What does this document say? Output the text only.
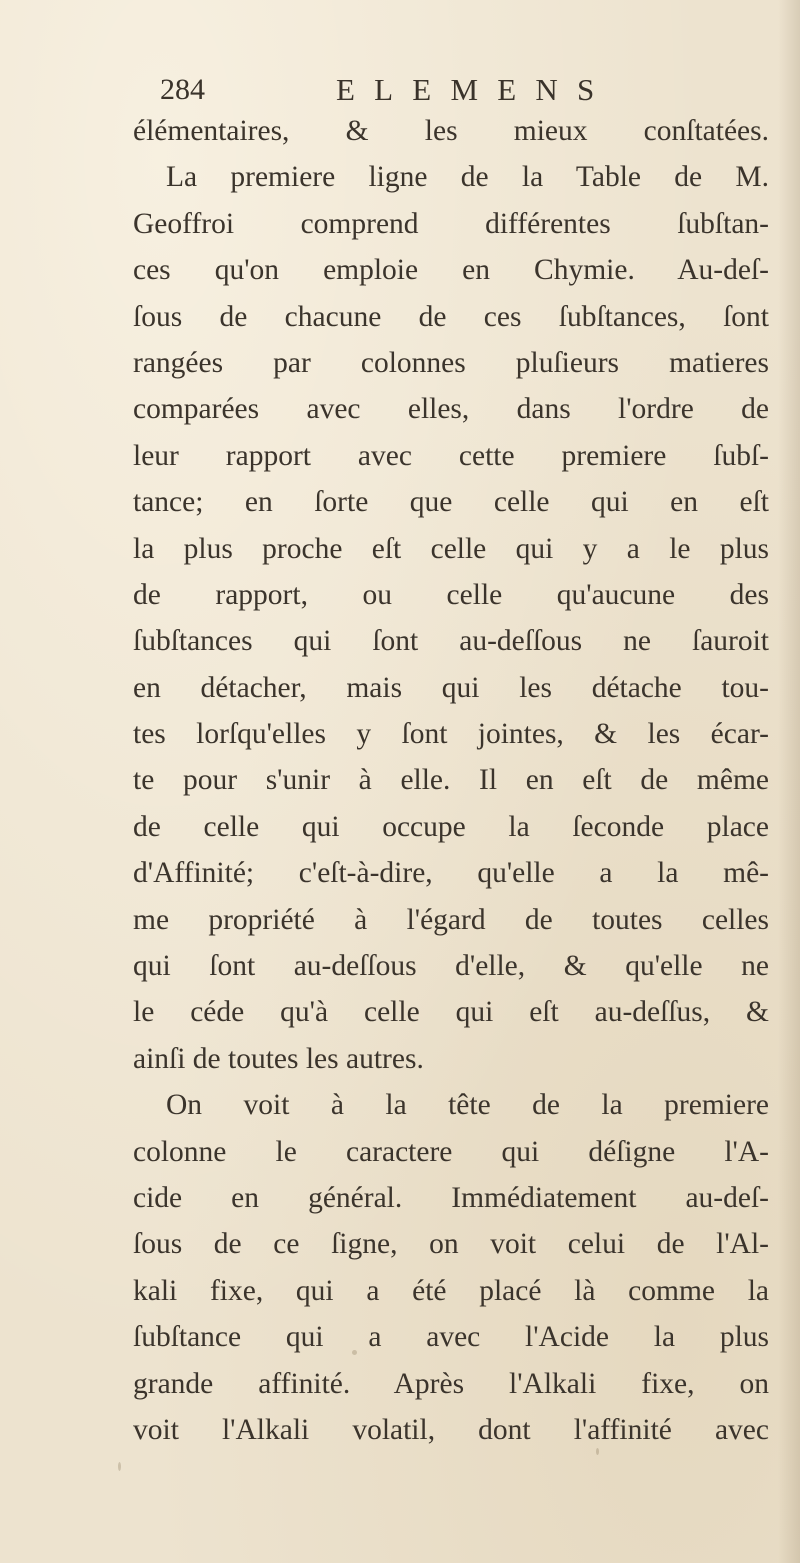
284	ELEMENS
élémentaires, & les mieux conſtatées.
La premiere ligne de la Table de M.
Geoffroi comprend différentes ſubſtan-
ces qu'on emploie en Chymie. Au-deſ-
ſous de chacune de ces ſubſtances, ſont
rangées par colonnes pluſieurs matieres
comparées avec elles, dans l'ordre de
leur rapport avec cette premiere ſubſ-
tance; en ſorte que celle qui en eſt
la plus proche eſt celle qui y a le plus
de rapport, ou celle qu'aucune des
ſubſtances qui ſont au-deſſous ne ſauroit
en détacher, mais qui les détache tou-
tes lorſqu'elles y ſont jointes, & les écar-
te pour s'unir à elle. Il en eſt de même
de celle qui occupe la ſeconde place
d'Affinité; c'eſt-à-dire, qu'elle a la mê-
me propriété à l'égard de toutes celles
qui ſont au-deſſous d'elle, & qu'elle ne
le céde qu'à celle qui eſt au-deſſus, &
ainſi de toutes les autres.
On voit à la tête de la premiere
colonne le caractere qui déſigne l'A-
cide en général. Immédiatement au-deſ-
ſous de ce ſigne, on voit celui de l'Al-
kali fixe, qui a été placé là comme la
ſubſtance qui a avec l'Acide la plus
grande affinité. Après l'Alkali fixe, on
voit l'Alkali volatil, dont l'affinité avec
